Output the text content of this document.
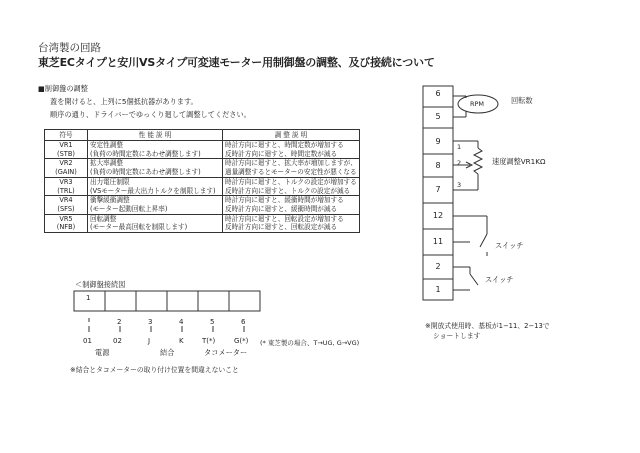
台湾製の回路
東芝ECタイプと安川VSタイプ可変速モーター用制御盤の調整、及び接続について
■制御盤の調整
蓋を開けると、上列に5個抵抗器があります。
順序の通り、ドライバーでゆっくり廻して調整してください。
符号	性 能 説 明	調 整 説 明
VR1	安定性調整	時計方向に廻すと、時間定数が増加する
(STB)	(負荷の時間定数にあわせ調整します)	反時計方向に廻すと、時間定数が減る
VR2	拡大率調整	時計方向に廻すと、拡大率が増加しますが、
(GAIN)	(負荷の時間定数にあわせ調整します)	過量調整するとモーターの安定性が悪くなる
VR3	出力電圧制限	時計方向に廻すと、トルクの設定が増加する
(TRL)	(VSモーター最大出力トルクを制限します)	反時計方向に廻すと、トルクの設定が減る
VR4	衝撃緩衝調整	時計方向に廻すと、緩衝時間が増加する
(SFS)	(モーター起動回転上昇率)	反時計方向に廻すと、緩衝時間が減る
VR5	回転調整	時計方向に廻すと、回転設定が増加する
(NFB)	(モーター最高回転を制限します)	反時計方向に廻すと、回転設定が減る
＜制御盤接続図
1
2	3	4	5	6
01	02	J	K	T(*)	G(*) (* 東芝製の場合、T→UG, G→VG)
電源	結合	タコメーター
※結合とタコメーターの取り付け位置を間違えないこと
6
5
9
8
7
12
11
2
1
RPM	回転数
1
2
3
速度調整VR1KΩ
スイッチ
スイッチ
※開放式使用時、基板が1−11、2−13で
ショートします
